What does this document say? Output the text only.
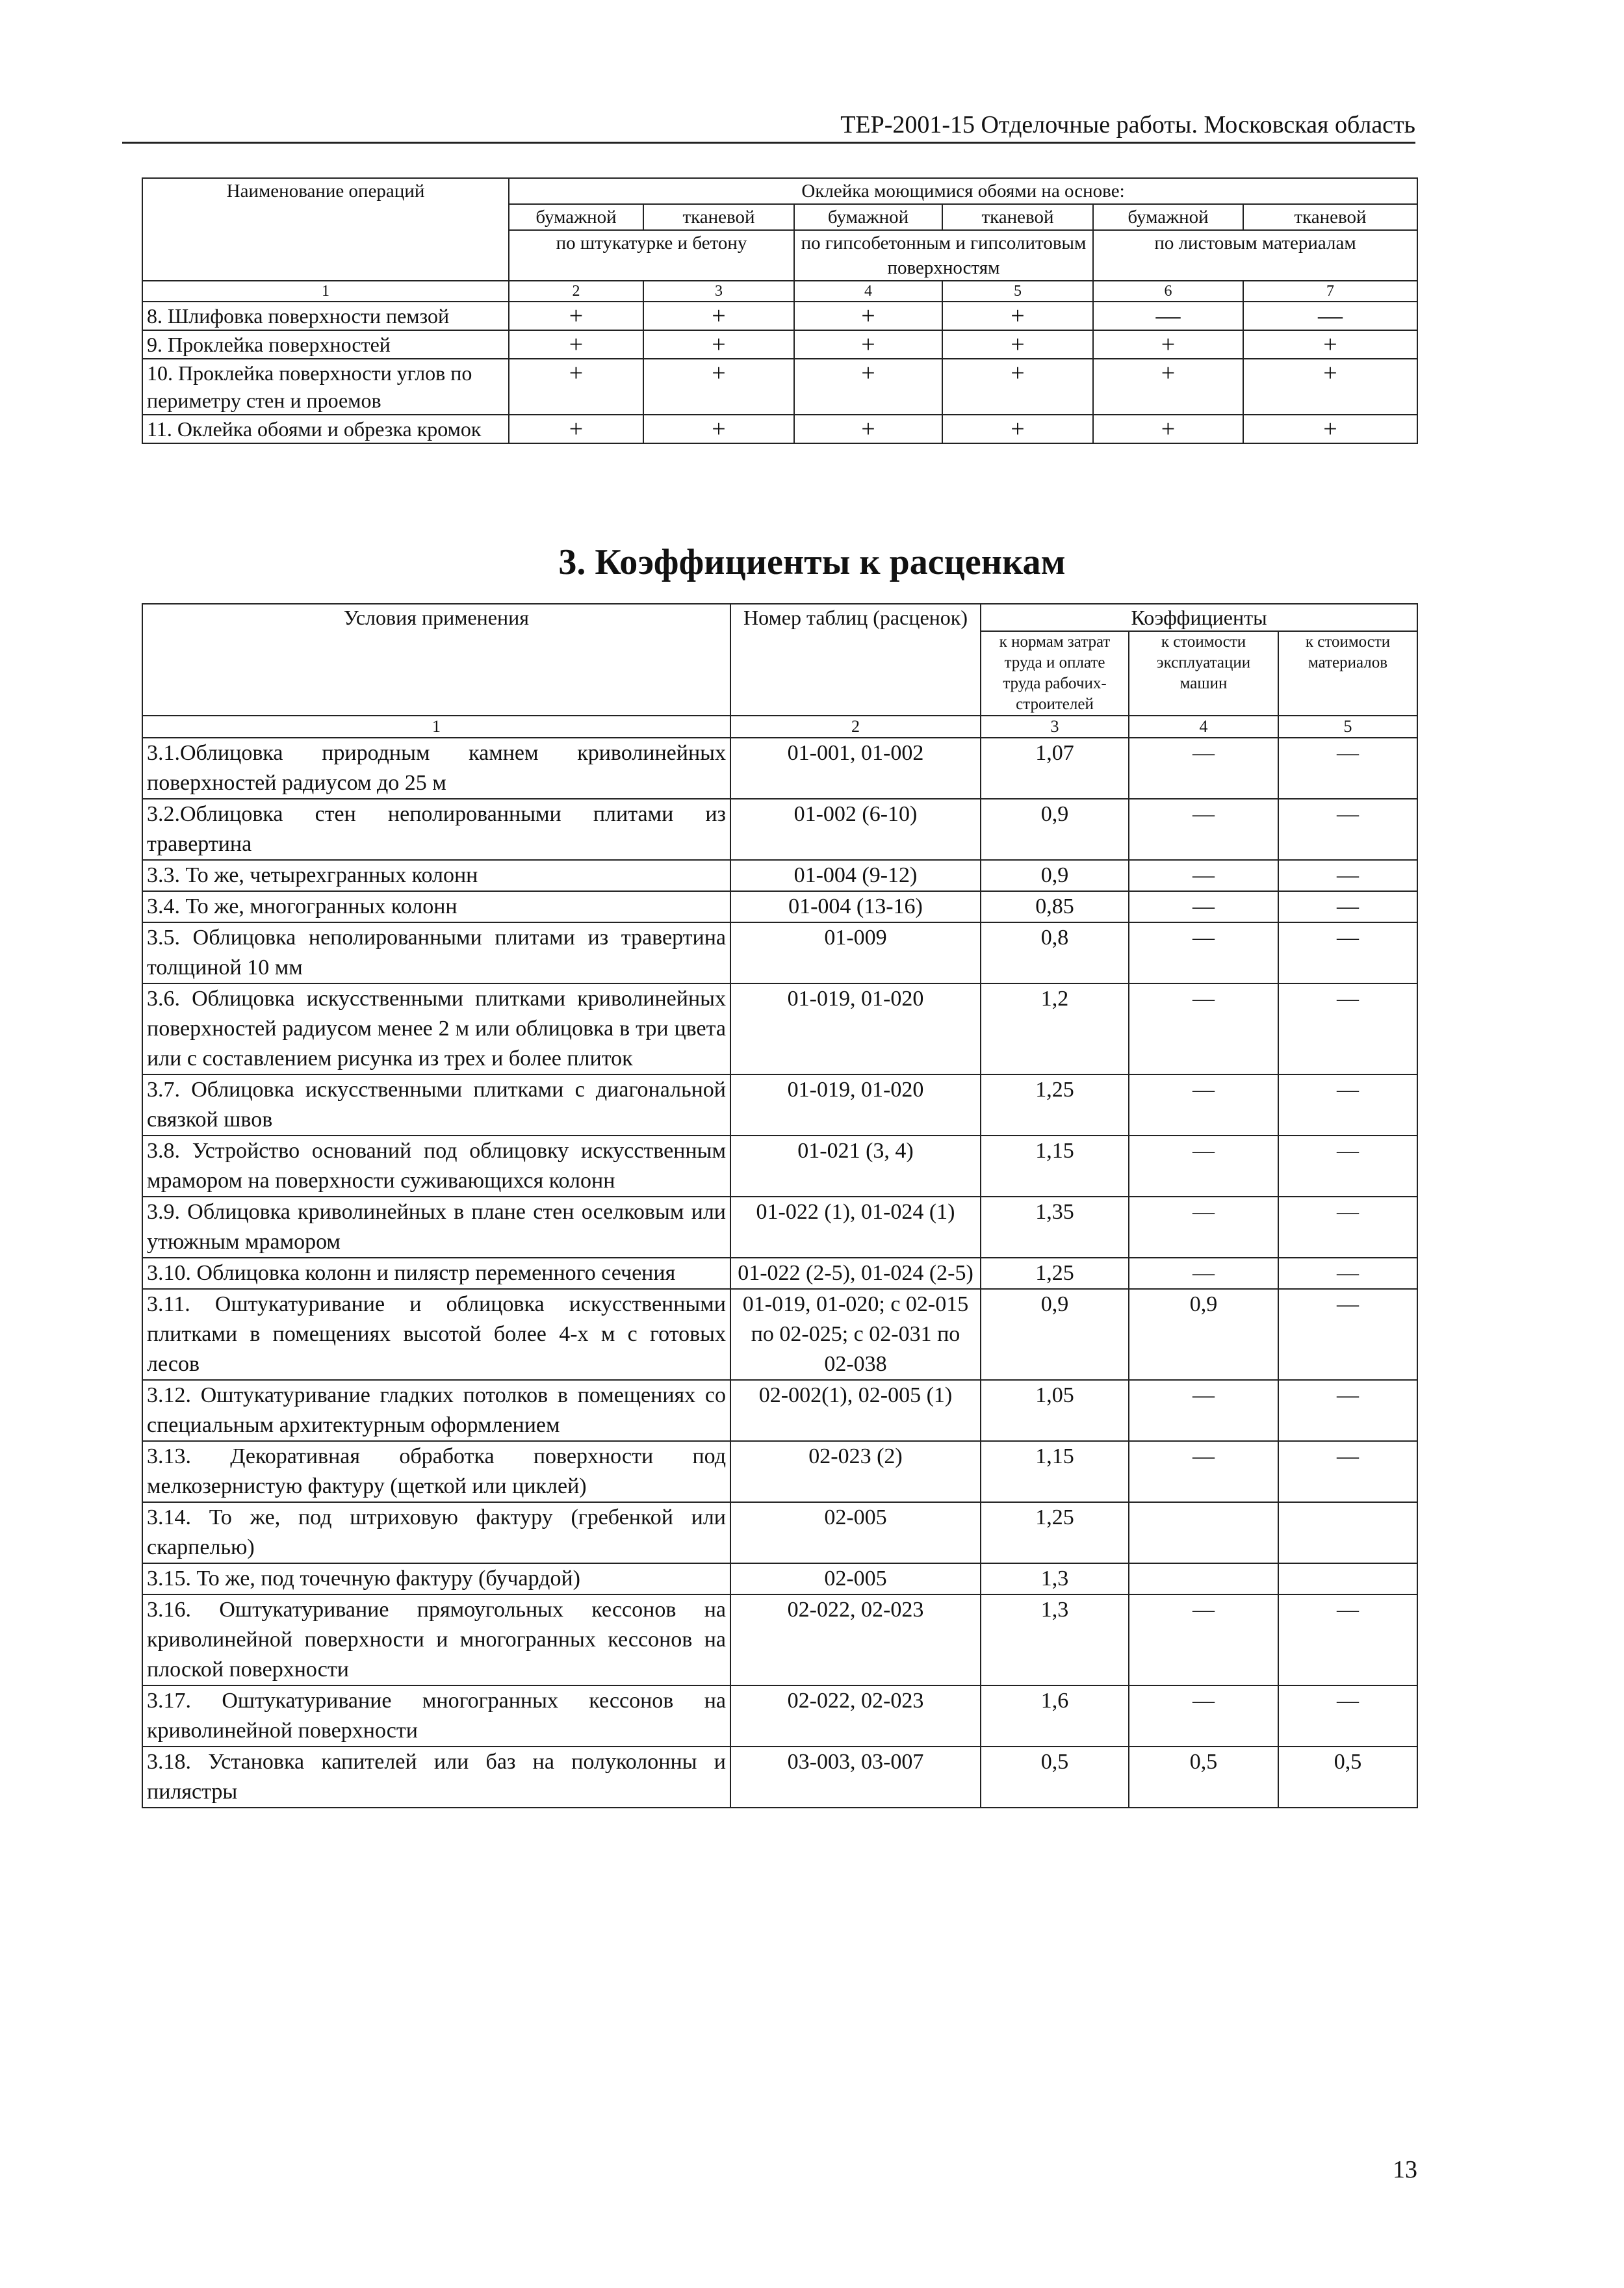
ТЕР-2001-15 Отделочные работы. Московская область
Наименование операций	Оклейка моющимися обоями на основе:					
	бумажной	тканевой	бумажной	тканевой	бумажной	тканевой
	по штукатурке и бетону		по гипсобетонным и гипсолитовым поверхностям		по листовым материалам	
1	2	3	4	5	6	7
8. Шлифовка поверхности пемзой	+	+	+	+	—	—
9. Проклейка поверхностей	+	+	+	+	+	+
10. Проклейка поверхности углов по периметру стен и проемов	+	+	+	+	+	+
11. Оклейка обоями и обрезка кромок	+	+	+	+	+	+
3. Коэффициенты к расценкам
Условия применения	Номер таблиц (расценок)	Коэффициенты		
		к нормам затрат труда и оплате труда рабочих-строителей	к стоимости эксплуатации машин	к стоимости материалов
1	2	3	4	5
3.1.Облицовка природным камнем криволинейных поверхностей радиусом до 25 м	01-001, 01-002	1,07	—	—
3.2.Облицовка стен неполированными плитами из травертина	01-002 (6-10)	0,9	—	—
3.3. То же, четырехгранных колонн	01-004 (9-12)	0,9	—	—
3.4. То же, многогранных колонн	01-004 (13-16)	0,85	—	—
3.5. Облицовка неполированными плитами из травертина толщиной 10 мм	01-009	0,8	—	—
3.6. Облицовка искусственными плитками криволинейных поверхностей радиусом менее 2 м или облицовка в три цвета или с составлением рисунка из трех и более плиток	01-019, 01-020	1,2	—	—
3.7. Облицовка искусственными плитками с диагональной связкой швов	01-019, 01-020	1,25	—	—
3.8. Устройство оснований под облицовку искусственным мрамором на поверхности суживающихся колонн	01-021 (3, 4)	1,15	—	—
3.9. Облицовка криволинейных в плане стен оселковым или утюжным мрамором	01-022 (1), 01-024 (1)	1,35	—	—
3.10. Облицовка колонн и пилястр переменного сечения	01-022 (2-5), 01-024 (2-5)	1,25	—	—
3.11. Оштукатуривание и облицовка искусственными плитками в помещениях высотой более 4-х м с готовых лесов	01-019, 01-020; с 02-015 по 02-025; с 02-031 по 02-038	0,9	0,9	—
3.12. Оштукатуривание гладких потолков в помещениях со специальным архитектурным оформлением	02-002(1), 02-005 (1)	1,05	—	—
3.13. Декоративная обработка поверхности под мелкозернистую фактуру (щеткой или циклей)	02-023 (2)	1,15	—	—
3.14. То же, под штриховую фактуру (гребенкой или скарпелью)	02-005	1,25		
3.15. То же, под точечную фактуру (бучардой)	02-005	1,3		
3.16. Оштукатуривание прямоугольных кессонов на криволинейной поверхности и многогранных кессонов на плоской поверхности	02-022, 02-023	1,3	—	—
3.17. Оштукатуривание многогранных кессонов на криволинейной поверхности	02-022, 02-023	1,6	—	—
3.18. Установка капителей или баз на полуколонны и пилястры	03-003, 03-007	0,5	0,5	0,5
13
